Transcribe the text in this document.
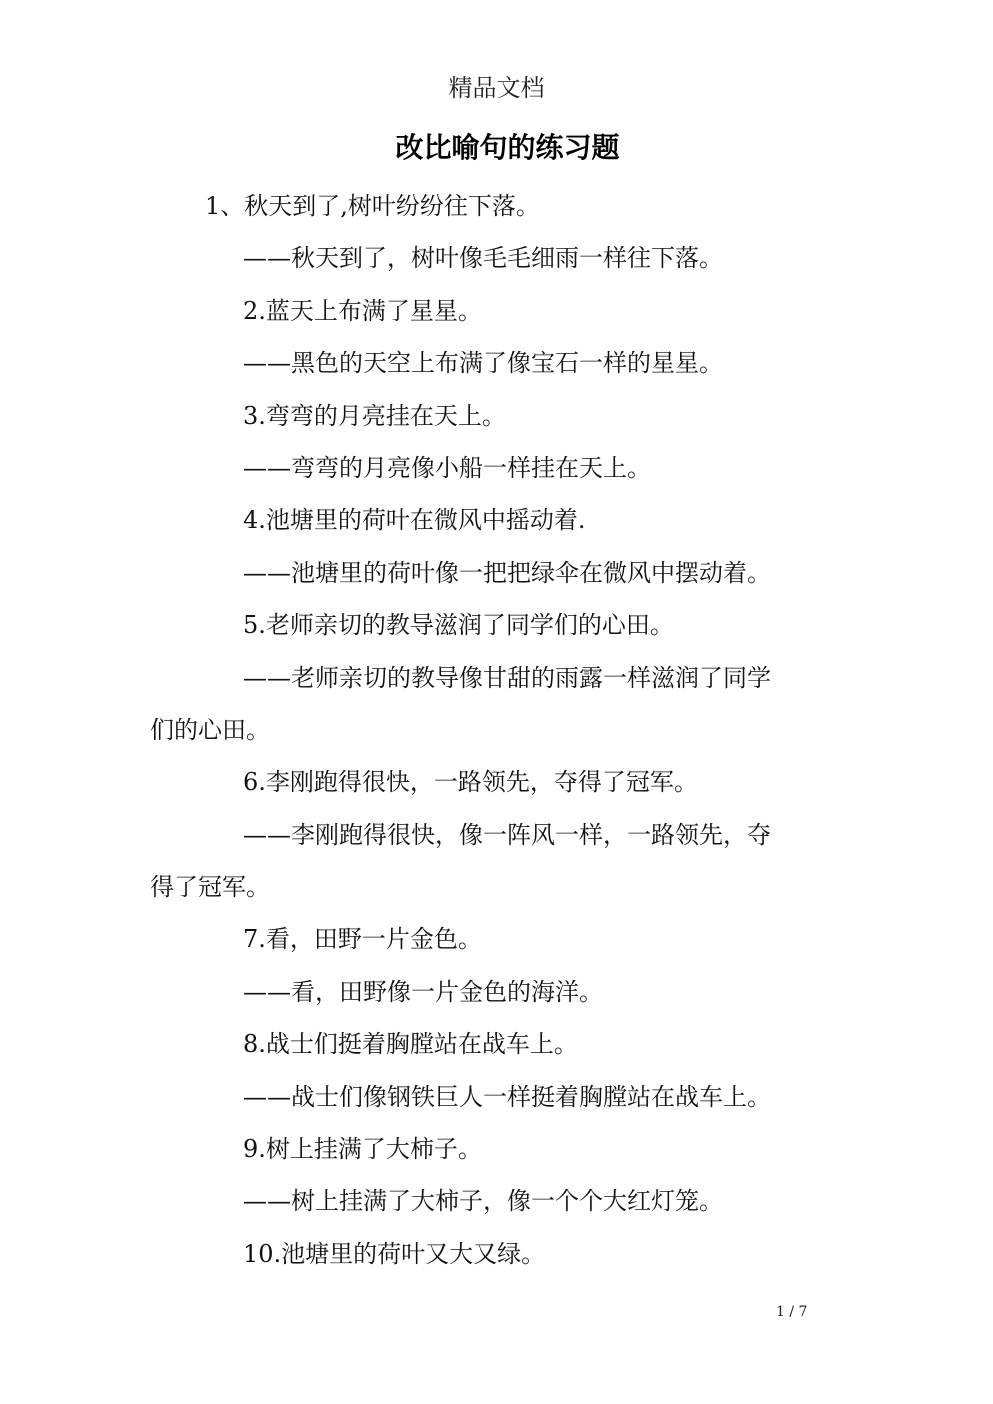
精品文档
改比喻句的练习题
1、秋天到了,树叶纷纷往下落。
——秋天到了，树叶像毛毛细雨一样往下落。
2.蓝天上布满了星星。
——黑色的天空上布满了像宝石一样的星星。
3.弯弯的月亮挂在天上。
——弯弯的月亮像小船一样挂在天上。
4.池塘里的荷叶在微风中摇动着.
——池塘里的荷叶像一把把绿伞在微风中摆动着。
5.老师亲切的教导滋润了同学们的心田。
——老师亲切的教导像甘甜的雨露一样滋润了同学
们的心田。
6.李刚跑得很快，一路领先，夺得了冠军。
——李刚跑得很快，像一阵风一样，一路领先，夺
得了冠军。
7.看，田野一片金色。
——看，田野像一片金色的海洋。
8.战士们挺着胸膛站在战车上。
——战士们像钢铁巨人一样挺着胸膛站在战车上。
9.树上挂满了大柿子。
——树上挂满了大柿子，像一个个大红灯笼。
10.池塘里的荷叶又大又绿。
1 / 7
